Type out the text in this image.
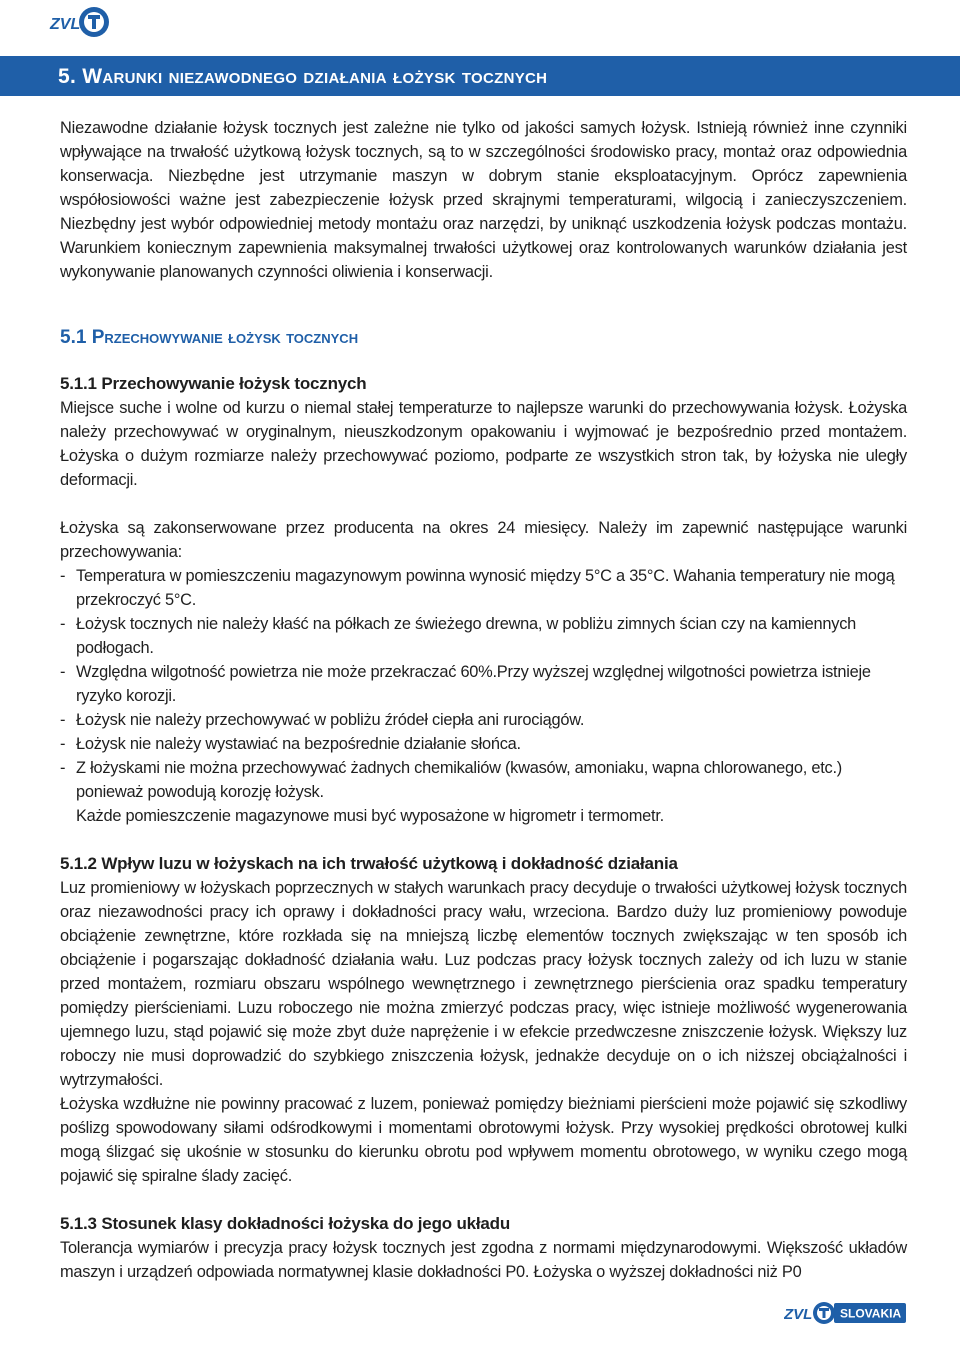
ZVL
5. Warunki niezawodnego działania łożysk tocznych

Niezawodne działanie łożysk tocznych jest zależne nie tylko od jakości samych łożysk. Istnieją również inne czynniki wpływające na trwałość użytkową łożysk tocznych, są to w szczególności środowisko pracy, montaż oraz odpowiednia konserwacja. Niezbędne jest utrzymanie maszyn w dobrym stanie eksploatacyjnym. Oprócz zapewnienia współosiowości ważne jest zabezpieczenie łożysk przed skrajnymi temperaturami, wilgocią i zanieczyszczeniem. Niezbędny jest wybór odpowiedniej metody montażu oraz narzędzi, by uniknąć uszkodzenia łożysk podczas montażu. Warunkiem koniecznym zapewnienia maksymalnej trwałości użytkowej oraz kontrolowanych warunków działania jest wykonywanie planowanych czynności oliwienia i konserwacji.

5.1 Przechowywanie łożysk tocznych
5.1.1 Przechowywanie łożysk tocznych

Miejsce suche i wolne od kurzu o niemal stałej temperaturze to najlepsze warunki do przechowywania łożysk. Łożyska należy przechowywać w oryginalnym, nieuszkodzonym opakowaniu i wyjmować je bezpośrednio przed montażem. Łożyska o dużym rozmiarze należy przechowywać poziomo, podparte ze wszystkich stron tak, by łożyska nie uległy deformacji.

Łożyska są zakonserwowane przez producenta na okres 24 miesięcy. Należy im zapewnić następujące warunki przechowywania:

- Temperatura w pomieszczeniu magazynowym powinna wynosić między 5°C a 35°C. Wahania temperatury nie mogą przekroczyć 5°C.
- Łożysk tocznych nie należy kłaść na półkach ze świeżego drewna, w pobliżu zimnych ścian czy na kamiennych podłogach.
- Względna wilgotność powietrza nie może przekraczać 60%.Przy wyższej względnej wilgotności powietrza istnieje ryzyko korozji.
- Łożysk nie należy przechowywać w pobliżu źródeł ciepła ani rurociągów.
- Łożysk nie należy wystawiać na bezpośrednie działanie słońca.
- Z łożyskami nie można przechowywać żadnych chemikaliów (kwasów, amoniaku, wapna chlorowanego, etc.) ponieważ powodują korozję łożysk.

Każde pomieszczenie magazynowe musi być wyposażone w higrometr i termometr.

5.1.2 Wpływ luzu w łożyskach na ich trwałość użytkową i dokładność działania

Luz promieniowy w łożyskach poprzecznych w stałych warunkach pracy decyduje o trwałości użytkowej łożysk tocznych oraz niezawodności pracy ich oprawy i dokładności pracy wału, wrzeciona. Bardzo duży luz promieniowy powoduje obciążenie zewnętrzne, które rozkłada się na mniejszą liczbę elementów tocznych zwiększając w ten sposób ich obciążenie i pogarszając dokładność działania wału. Luz podczas pracy łożysk tocznych zależy od ich luzu w stanie przed montażem, rozmiaru obszaru wspólnego wewnętrznego i zewnętrznego pierścienia oraz spadku temperatury pomiędzy pierścieniami. Luzu roboczego nie można zmierzyć podczas pracy, więc istnieje możliwość wygenerowania ujemnego luzu, stąd pojawić się może zbyt duże naprężenie i w efekcie przedwczesne zniszczenie łożysk. Większy luz roboczy nie musi doprowadzić do szybkiego zniszczenia łożysk, jednakże decyduje on o ich niższej obciążalności i wytrzymałości.

Łożyska wzdłużne nie powinny pracować z luzem, ponieważ pomiędzy bieżniami pierścieni może pojawić się szkodliwy poślizg spowodowany siłami odśrodkowymi i momentami obrotowymi łożysk. Przy wysokiej prędkości obrotowej kulki mogą ślizgać się ukośnie w stosunku do kierunku obrotu pod wpływem momentu obrotowego, w wyniku czego mogą pojawić się spiralne ślady zacięć.

5.1.3 Stosunek klasy dokładności łożyska do jego układu

Tolerancja wymiarów i precyzja pracy łożysk tocznych jest zgodna z normami międzynarodowymi. Większość układów maszyn i urządzeń odpowiada normatywnej klasie dokładności P0. Łożyska o wyższej dokładności niż P0

ZVL SLOVAKIA
